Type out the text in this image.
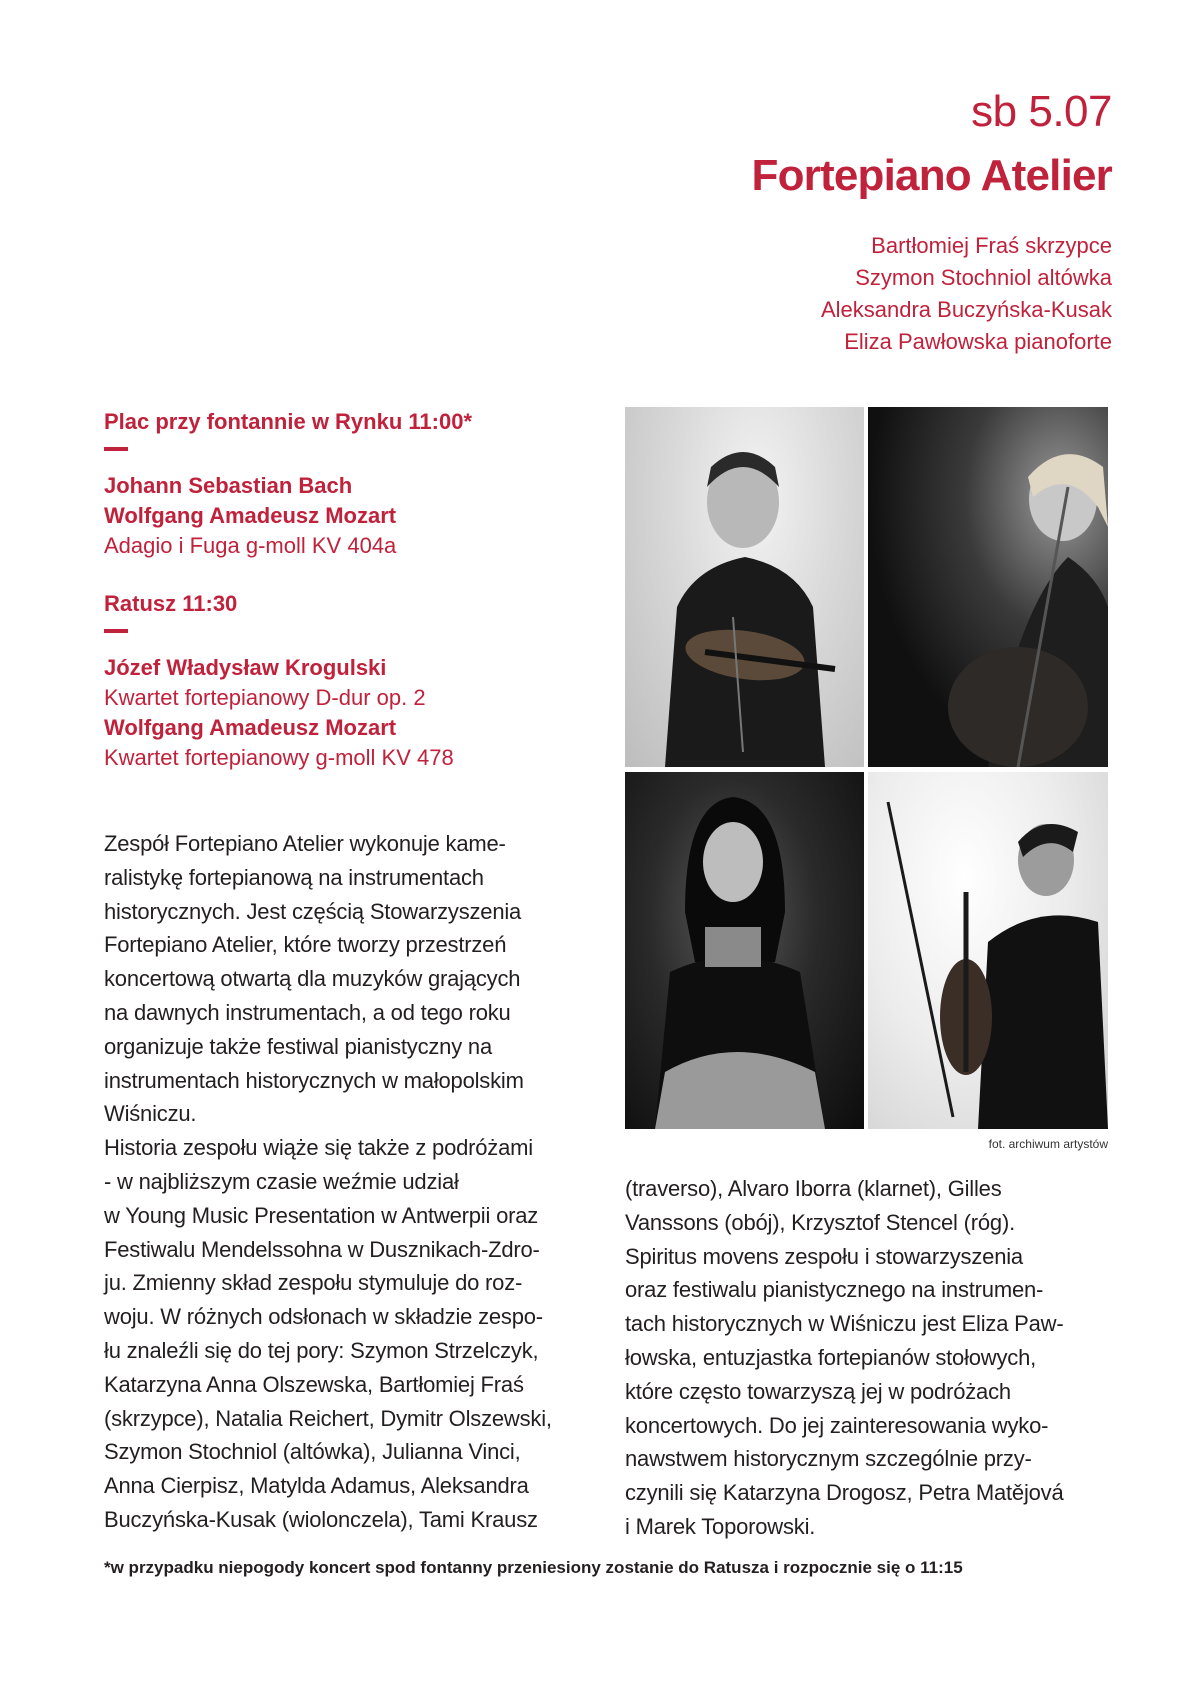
sb 5.07
Fortepiano Atelier
Bartłomiej Fraś skrzypce
Szymon Stochniol altówka
Aleksandra Buczyńska-Kusak
Eliza Pawłowska pianoforte
Plac przy fontannie w Rynku 11:00*
Johann Sebastian Bach
Wolfgang Amadeusz Mozart
Adagio i Fuga g-moll KV 404a
Ratusz 11:30
Józef Władysław Krogulski
Kwartet fortepianowy D-dur op. 2
Wolfgang Amadeusz Mozart
Kwartet fortepianowy g-moll KV 478
fot. archiwum artystów
Zespół Fortepiano Atelier wykonuje kame-
ralistykę fortepianową na instrumentach
historycznych. Jest częścią Stowarzyszenia
Fortepiano Atelier, które tworzy przestrzeń
koncertową otwartą dla muzyków grających
na dawnych instrumentach, a od tego roku
organizuje także festiwal pianistyczny na
instrumentach historycznych w małopolskim
Wiśniczu.
Historia zespołu wiąże się także z podróżami
- w najbliższym czasie weźmie udział
w Young Music Presentation w Antwerpii oraz
Festiwalu Mendelssohna w Dusznikach-Zdro-
ju. Zmienny skład zespołu stymuluje do roz-
woju. W różnych odsłonach w składzie zespo-
łu znaleźli się do tej pory: Szymon Strzelczyk,
Katarzyna Anna Olszewska, Bartłomiej Fraś
(skrzypce), Natalia Reichert, Dymitr Olszewski,
Szymon Stochniol (altówka), Julianna Vinci,
Anna Cierpisz, Matylda Adamus, Aleksandra
Buczyńska-Kusak (wiolonczela), Tami Krausz
(traverso), Alvaro Iborra (klarnet), Gilles
Vanssons (obój), Krzysztof Stencel (róg).
Spiritus movens zespołu i stowarzyszenia
oraz festiwalu pianistycznego na instrumen-
tach historycznych w Wiśniczu jest Eliza Paw-
łowska, entuzjastka fortepianów stołowych,
które często towarzyszą jej w podróżach
koncertowych. Do jej zainteresowania wyko-
nawstwem historycznym szczególnie przy-
czynili się Katarzyna Drogosz, Petra Matějová
i Marek Toporowski.
*w przypadku niepogody koncert spod fontanny przeniesiony zostanie do Ratusza i rozpocznie się o 11:15
